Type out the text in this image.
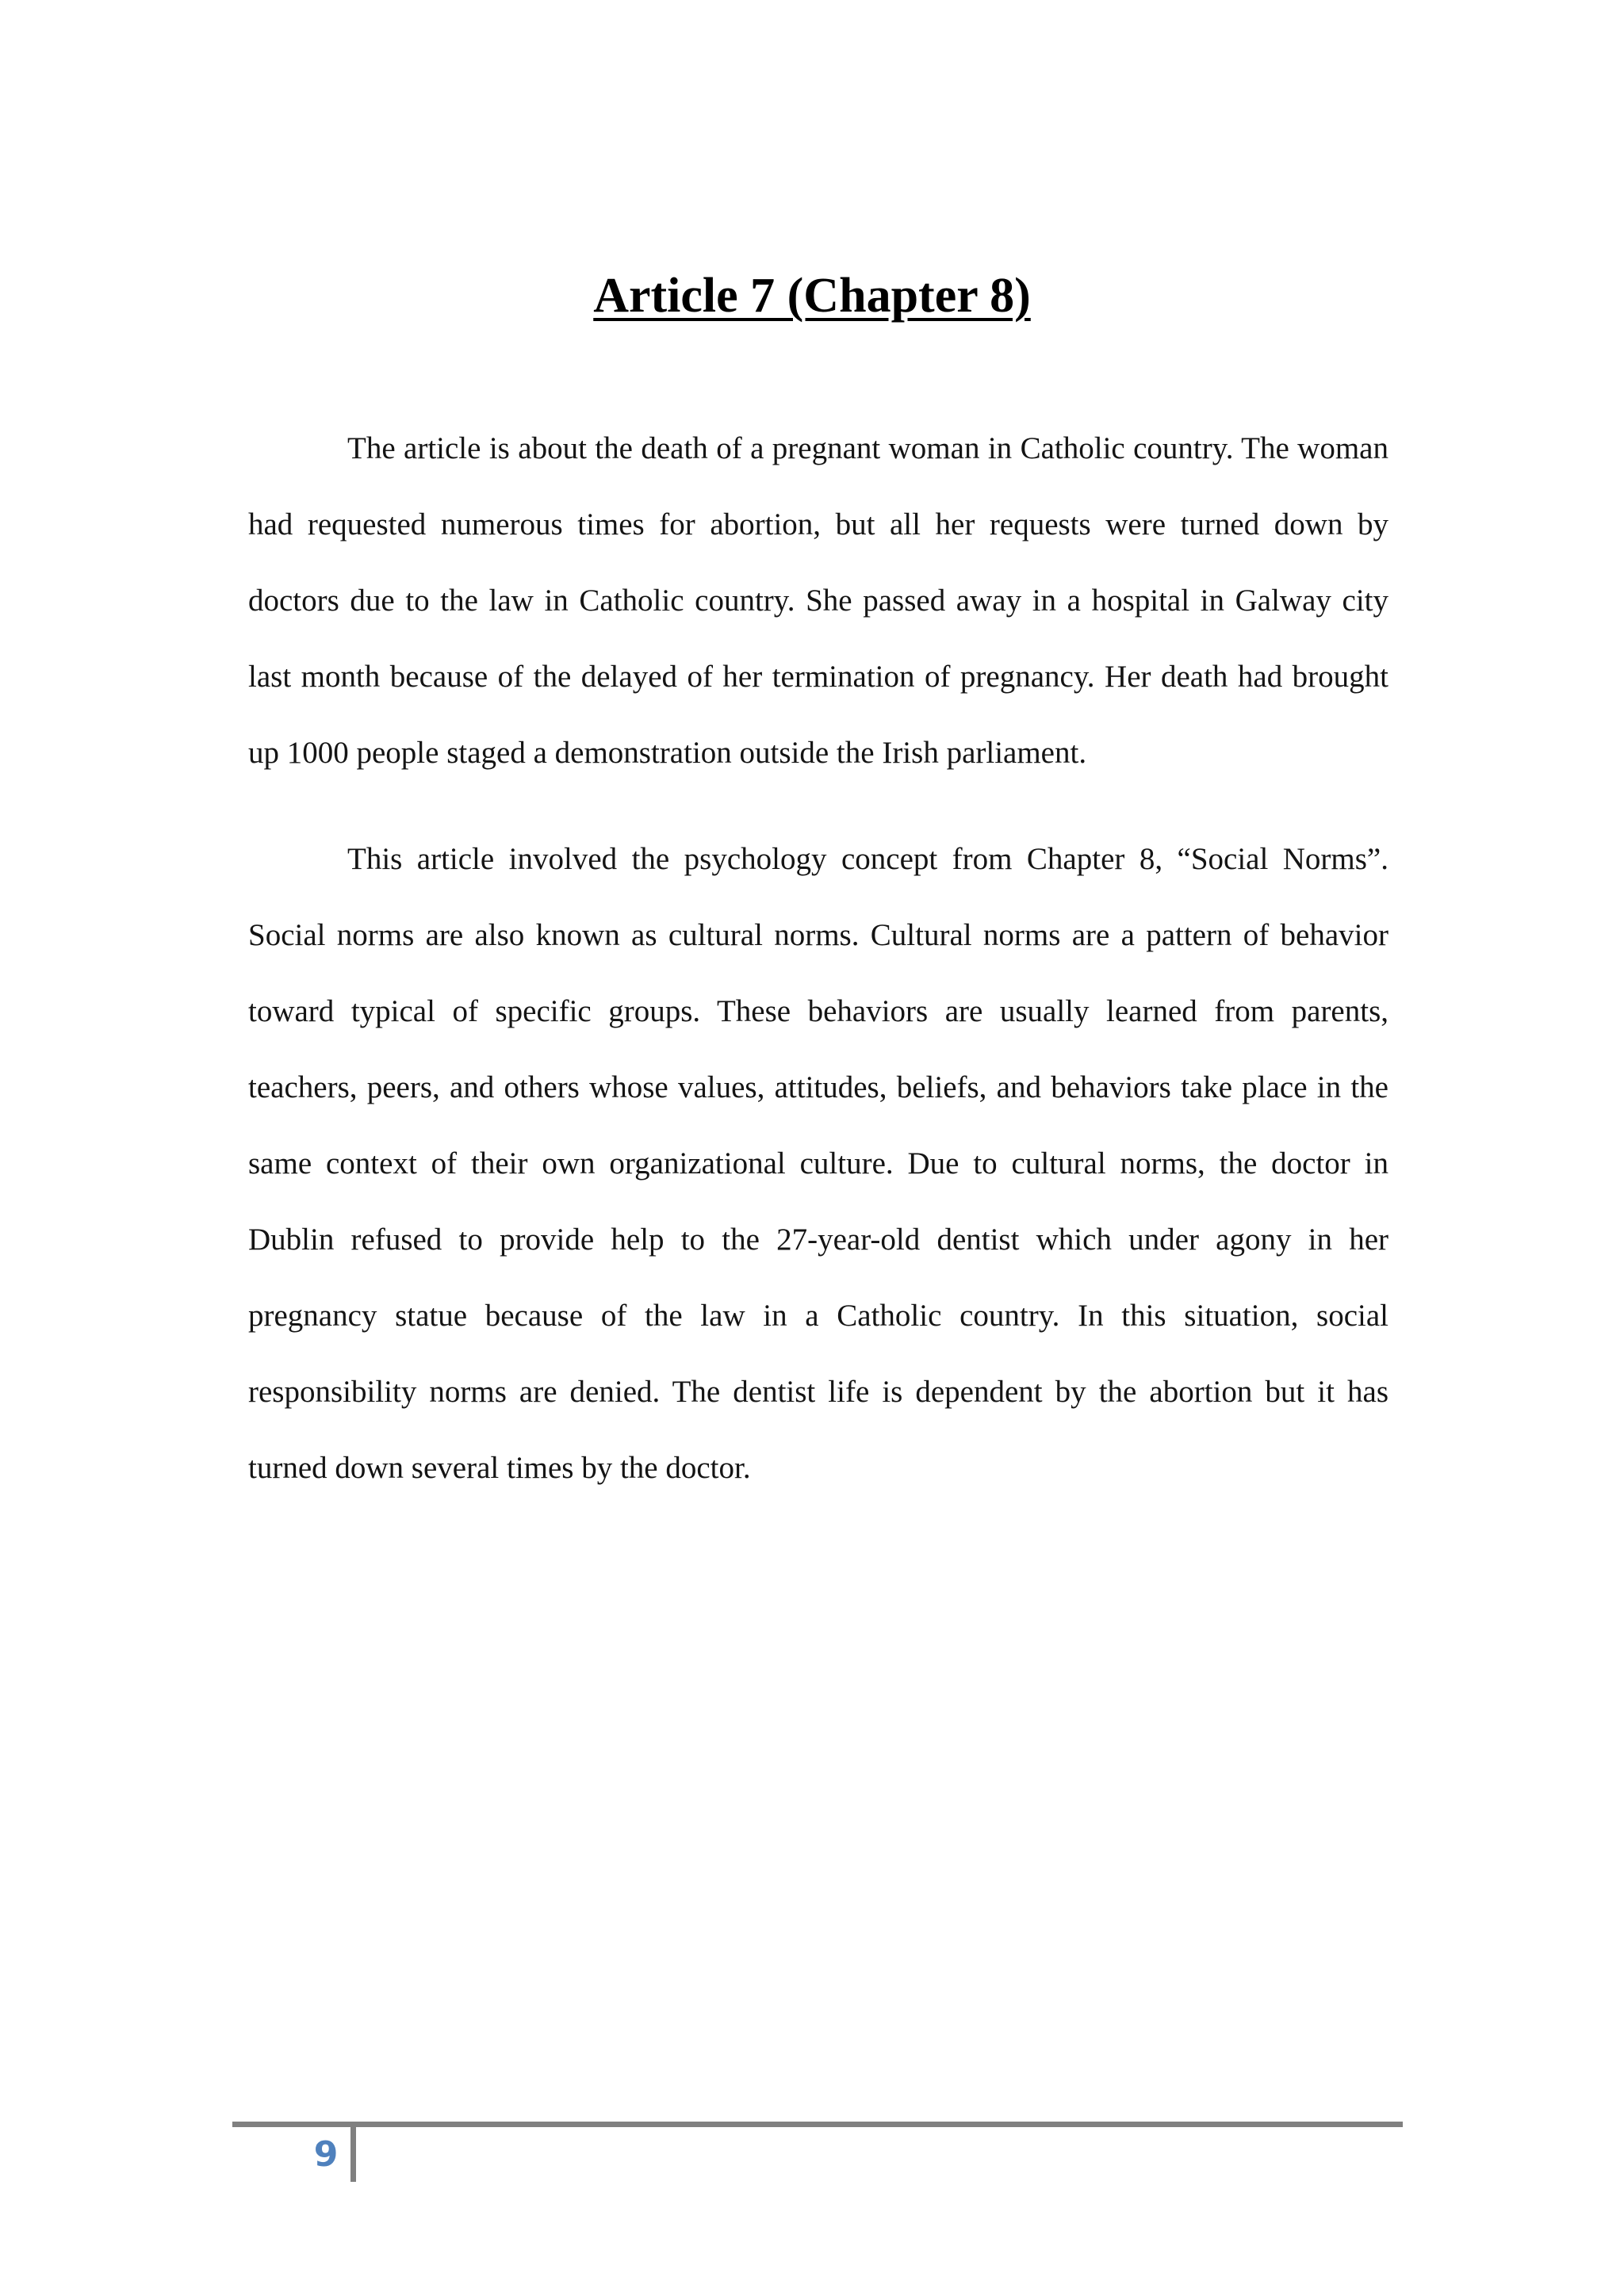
Article 7 (Chapter 8)

The article is about the death of a pregnant woman in Catholic country. The woman had requested numerous times for abortion, but all her requests were turned down by doctors due to the law in Catholic country. She passed away in a hospital in Galway city last month because of the delayed of her termination of pregnancy. Her death had brought up 1000 people staged a demonstration outside the Irish parliament.

This article involved the psychology concept from Chapter 8, “Social Norms”. Social norms are also known as cultural norms. Cultural norms are a pattern of behavior toward typical of specific groups. These behaviors are usually learned from parents, teachers, peers, and others whose values, attitudes, beliefs, and behaviors take place in the same context of their own organizational culture. Due to cultural norms, the doctor in Dublin refused to provide help to the 27-year-old dentist which under agony in her pregnancy statue because of the law in a Catholic country. In this situation, social responsibility norms are denied. The dentist life is dependent by the abortion but it has turned down several times by the doctor.

9
